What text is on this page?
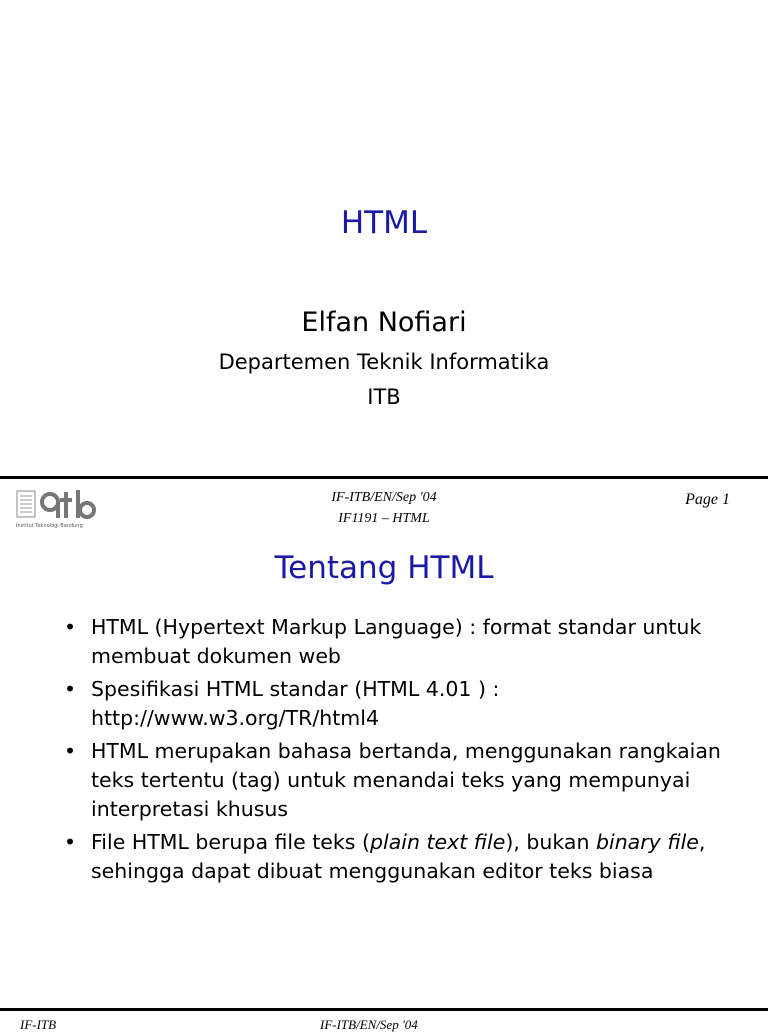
HTML
Elfan Nofiari
Departemen Teknik Informatika
ITB
Institut Teknologi Bandung
IF-ITB/EN/Sep '04
IF1191 – HTML
Page 1
Tentang HTML
• HTML (Hypertext Markup Language) : format standar untuk membuat dokumen web
• Spesifikasi HTML standar (HTML 4.01 ) : http://www.w3.org/TR/html4
• HTML merupakan bahasa bertanda, menggunakan rangkaian teks tertentu (tag) untuk menandai teks yang mempunyai interpretasi khusus
• File HTML berupa file teks (plain text file), bukan binary file, sehingga dapat dibuat menggunakan editor teks biasa
IF-ITB	IF-ITB/EN/Sep '04
